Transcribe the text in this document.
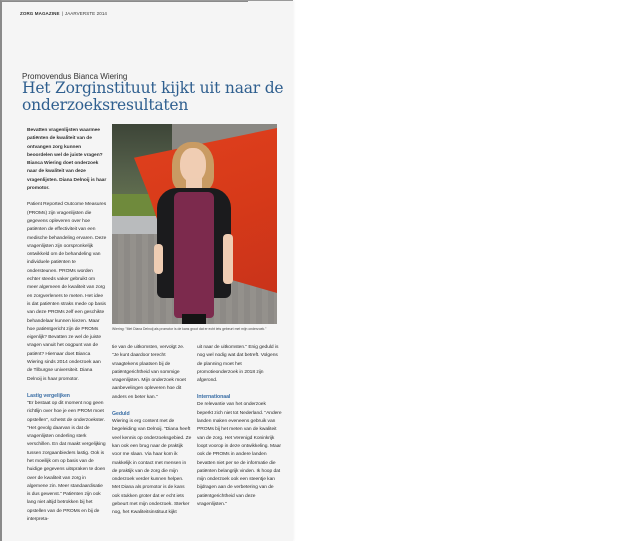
ZORG MAGAZINE | JAARVERSTE 2014
Promovendus Bianca Wiering
Het Zorginstituut kijkt uit naar de onderzoeksresultaten

Bevatten vragenlijsten waarmee patiënten de kwaliteit van de ontvangen zorg kunnen beoordelen wel de juiste vragen? Bianca Wiering doet onderzoek naar de kwaliteit van deze vragenlijsten. Diana Delnoij is haar promotor.

Patient Reported Outcome Measures (PROMs) zijn vragenlijsten die gegevens opleveren over hoe patiënten de effectiviteit van een medische behandeling ervaren. Deze vragenlijsten zijn oorspronkelijk ontwikkeld om de behandeling van individuele patiënten te ondersteunen. PROMs worden echter steeds vaker gebruikt om meer algemeen de kwaliteit van zorg en zorgverleners te meten. Het idee is dat patiënten straks mede op basis van deze PROMs zelf een geschikte behandelaar kunnen kiezen. Maar hoe patiëntgericht zijn de PROMs eigenlijk? Bevatten ze wel de juiste vragen vanuit het oogpunt van de patiënt? Hiernaar doet Bianca Wiering sinds 2014 onderzoek aan de Tilburgse universiteit. Diana Delnoij is haar promotor.

Lastig vergelijken

"Er bestaat op dit moment nog geen richtlijn over hoe je een PROM moet opstellen", schetst de onderzoekster. "Het gevolg daarvan is dat de vragenlijsten onderling sterk verschillen. En dat maakt vergelijking tussen zorgaanbieders lastig. Ook is het moeilijk om op basis van de huidige gegevens uitspraken te doen over de kwaliteit van zorg in algemene zin. Meer standaardisatie is dus gewenst." Patiënten zijn ook lang niet altijd betrokken bij het opstellen van de PROMs en bij de interpreta-

Wiering: "Met Diana Delnoij als promotor is de kans groot dat er echt iets gebeurt met mijn onderzoek."

tie van de uitkomsten, vervolgt ze. "Je kunt daardoor terecht vraagtekens plaatsen bij de patiëntgerichtheid van sommige vragenlijsten. Mijn onderzoek moet aanbevelingen opleveren hoe dit anders en beter kan."

Geduld

Wiering is erg content met de begeleiding van Delnoij. "Diana heeft veel kennis op onderzoeksgebied. Ze kan ook een brug naar de praktijk voor me slaan. Via haar kom ik makkelijk in contact met mensen in de praktijk van de zorg die mijn onderzoek verder kunnen helpen. Met Diana als promotor is de kans ook stukken groter dat er echt iets gebeurt met mijn onderzoek. Sterker nog, het Kwaliteitsinstituut kijkt

uit naar de uitkomsten." Enig geduld is nog wel nodig wat dat betreft. Volgens de planning moet het promotieonderzoek in 2018 zijn afgerond.

Internationaal

De relevantie van het onderzoek beperkt zich niet tot Nederland. "Andere landen maken eveneens gebruik van PROMs bij het meten van de kwaliteit van de zorg. Het Verenigd Koninkrijk loopt voorop in deze ontwikkeling. Maar ook de PROMs in andere landen bevatten niet per se de informatie die patiënten belangrijk vinden. Ik hoop dat mijn onderzoek ook een steentje kan bijdragen aan de verbetering van de patiëntgerichtheid van deze vragenlijsten."
